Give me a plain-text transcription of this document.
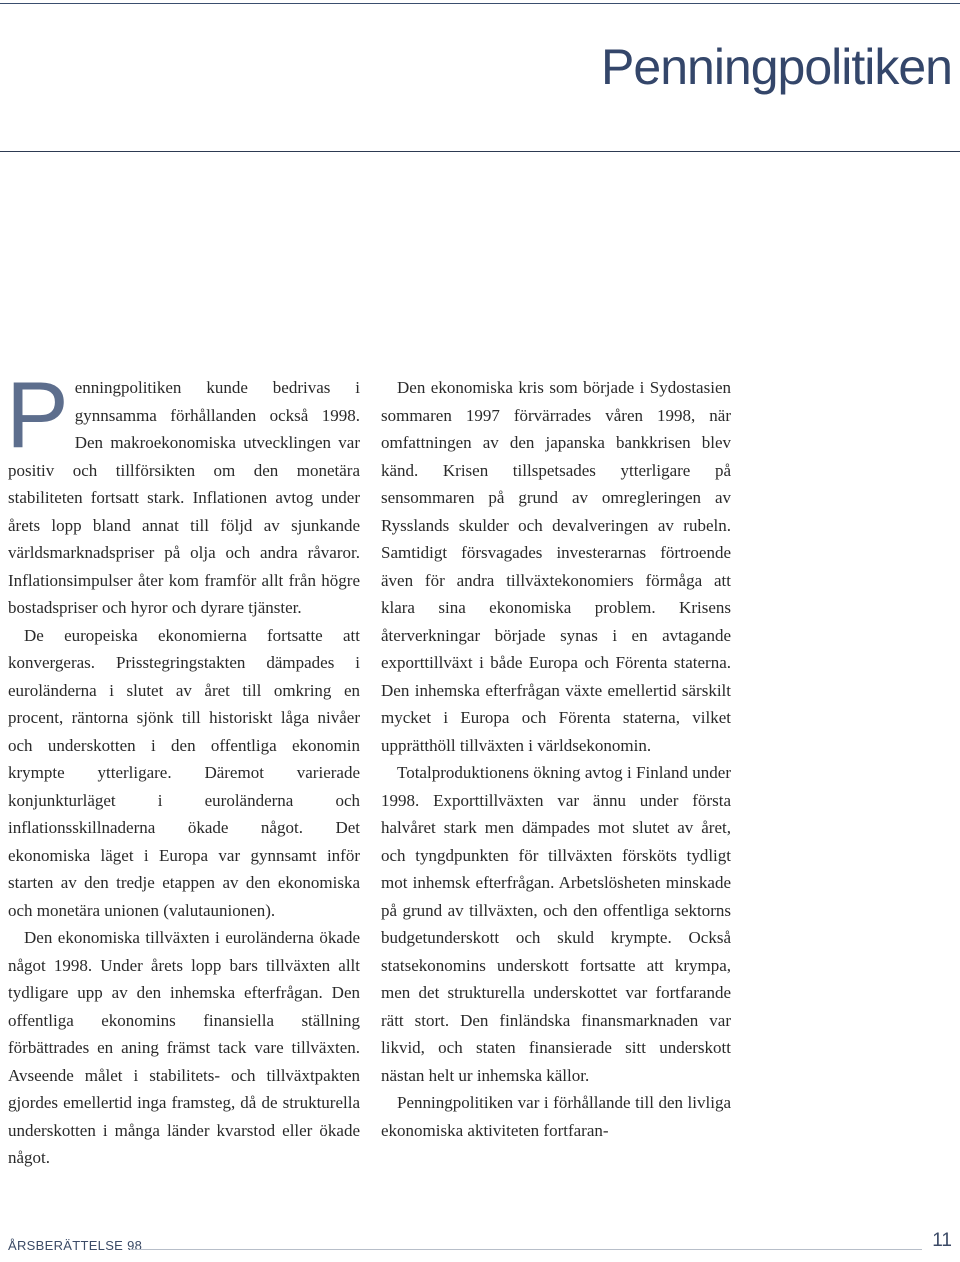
Penningpolitiken

Penningpolitiken kunde bedrivas i gynnsamma förhållanden också 1998. Den makroekonomiska utvecklingen var positiv och tillförsikten om den monetära stabiliteten fortsatt stark. Inflationen avtog under årets lopp bland annat till följd av sjunkande världsmarknadspriser på olja och andra råvaror. Inflationsimpulser åter kom framför allt från högre bostadspriser och hyror och dyrare tjänster.

De europeiska ekonomierna fortsatte att konvergeras. Prisstegringstakten dämpades i euroländerna i slutet av året till omkring en procent, räntorna sjönk till historiskt låga nivåer och underskotten i den offentliga ekonomin krympte ytterligare. Däremot varierade konjunkturläget i euroländerna och inflationsskillnaderna ökade något. Det ekonomiska läget i Europa var gynnsamt inför starten av den tredje etappen av den ekonomiska och monetära unionen (valutaunionen).

Den ekonomiska tillväxten i euroländerna ökade något 1998. Under årets lopp bars tillväxten allt tydligare upp av den inhemska efterfrågan. Den offentliga ekonomins finansiella ställning förbättrades en aning främst tack vare tillväxten. Avseende målet i stabilitets- och tillväxtpakten gjordes emellertid inga framsteg, då de strukturella underskotten i många länder kvarstod eller ökade något.

Den ekonomiska kris som började i Sydostasien sommaren 1997 förvärrades våren 1998, när omfattningen av den japanska bankkrisen blev känd. Krisen tillspetsades ytterligare på sensommaren på grund av omregleringen av Rysslands skulder och devalveringen av rubeln. Samtidigt försvagades investerarnas förtroende även för andra tillväxtekonomiers förmåga att klara sina ekonomiska problem. Krisens återverkningar började synas i en avtagande exporttillväxt i både Europa och Förenta staterna. Den inhemska efterfrågan växte emellertid särskilt mycket i Europa och Förenta staterna, vilket upprätthöll tillväxten i världsekonomin.

Totalproduktionens ökning avtog i Finland under 1998. Exporttillväxten var ännu under första halvåret stark men dämpades mot slutet av året, och tyngdpunkten för tillväxten försköts tydligt mot inhemsk efterfrågan. Arbetslösheten minskade på grund av tillväxten, och den offentliga sektorns budgetunderskott och skuld krympte. Också statsekonomins underskott fortsatte att krympa, men det strukturella underskottet var fortfarande rätt stort. Den finländska finansmarknaden var likvid, och staten finansierade sitt underskott nästan helt ur inhemska källor.

Penningpolitiken var i förhållande till den livliga ekonomiska aktiviteten fortfaran-

ÅRSBERÄTTELSE 98	11
